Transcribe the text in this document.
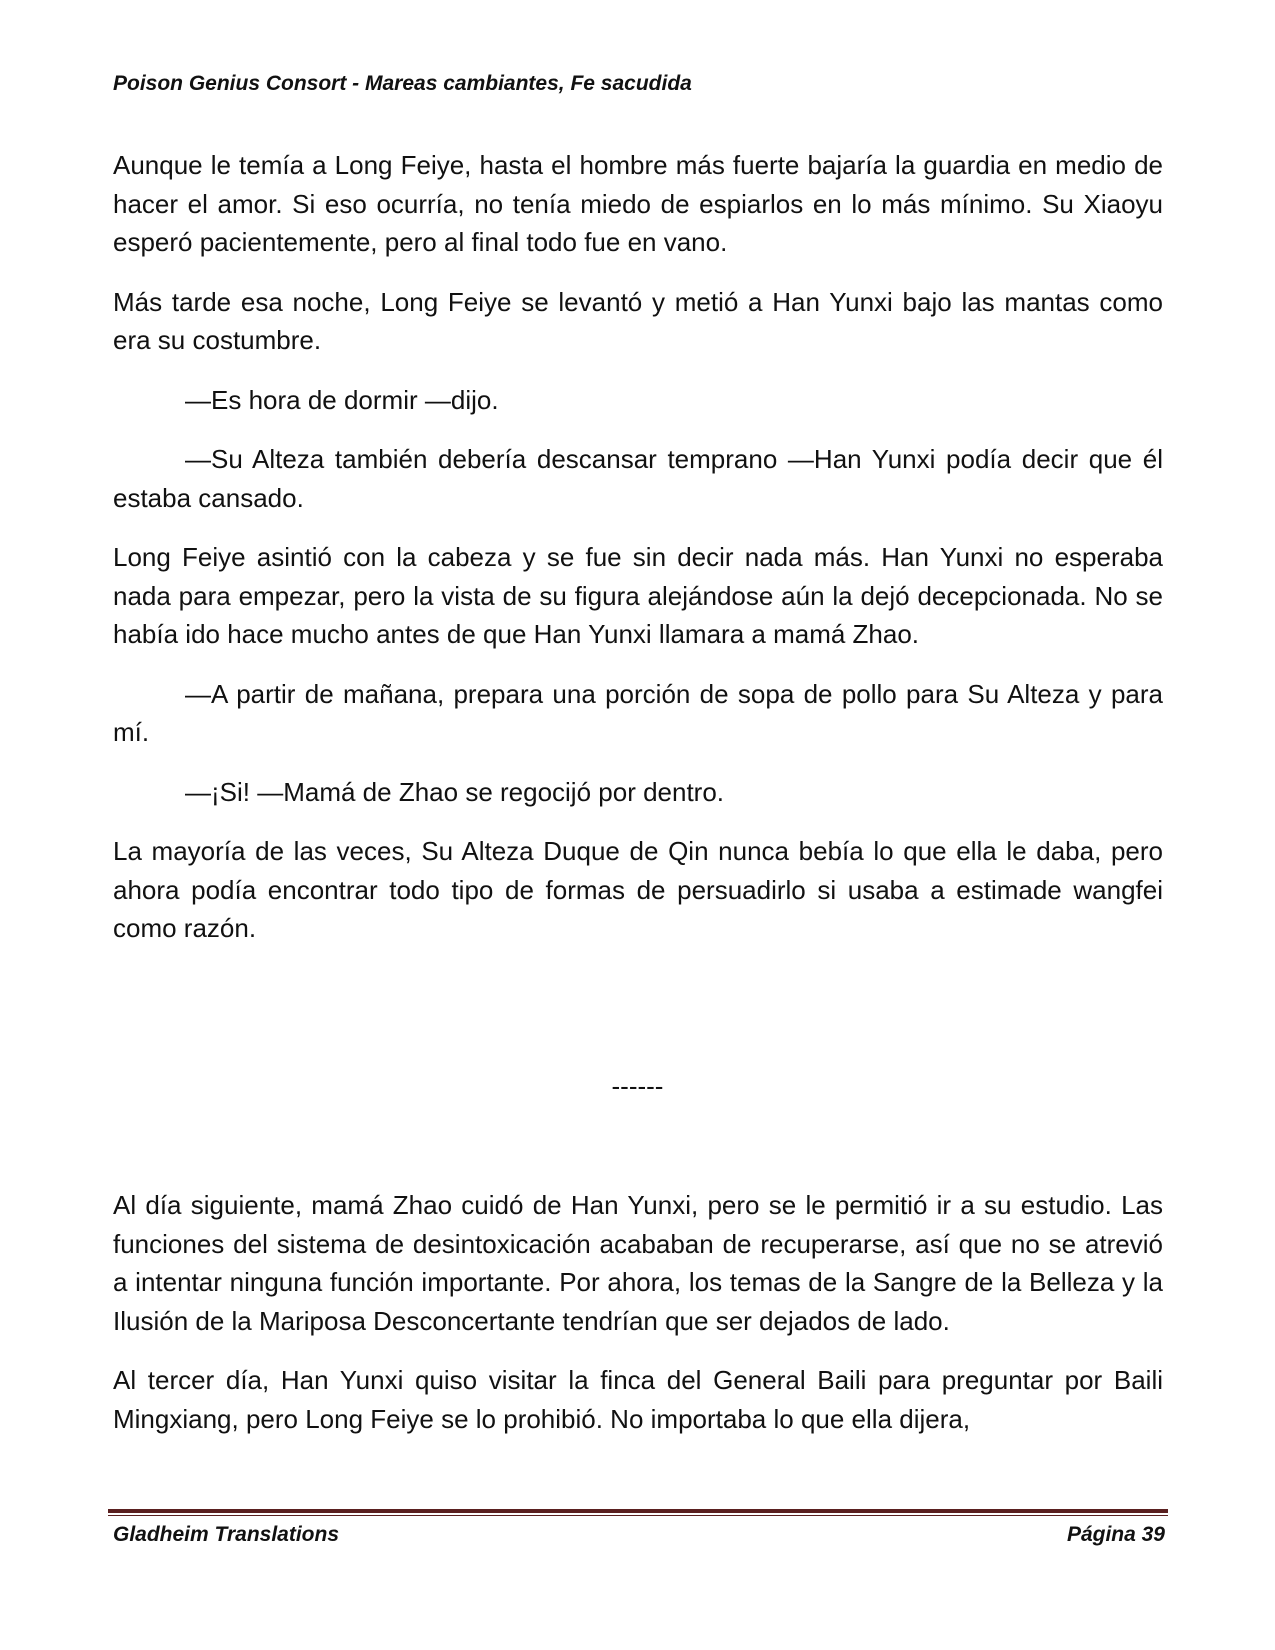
Poison Genius Consort - Mareas cambiantes, Fe sacudida

Aunque le temía a Long Feiye, hasta el hombre más fuerte bajaría la guardia en medio de hacer el amor. Si eso ocurría, no tenía miedo de espiarlos en lo más mínimo. Su Xiaoyu esperó pacientemente, pero al final todo fue en vano.

Más tarde esa noche, Long Feiye se levantó y metió a Han Yunxi bajo las mantas como era su costumbre.

—Es hora de dormir —dijo.

—Su Alteza también debería descansar temprano —Han Yunxi podía decir que él estaba cansado.

Long Feiye asintió con la cabeza y se fue sin decir nada más. Han Yunxi no esperaba nada para empezar, pero la vista de su figura alejándose aún la dejó decepcionada. No se había ido hace mucho antes de que Han Yunxi llamara a mamá Zhao.

—A partir de mañana, prepara una porción de sopa de pollo para Su Alteza y para mí.

—¡Si! —Mamá de Zhao se regocijó por dentro.

La mayoría de las veces, Su Alteza Duque de Qin nunca bebía lo que ella le daba, pero ahora podía encontrar todo tipo de formas de persuadirlo si usaba a estimade wangfei como razón.

------

Al día siguiente, mamá Zhao cuidó de Han Yunxi, pero se le permitió ir a su estudio. Las funciones del sistema de desintoxicación acababan de recuperarse, así que no se atrevió a intentar ninguna función importante. Por ahora, los temas de la Sangre de la Belleza y la Ilusión de la Mariposa Desconcertante tendrían que ser dejados de lado.

Al tercer día, Han Yunxi quiso visitar la finca del General Baili para preguntar por Baili Mingxiang, pero Long Feiye se lo prohibió. No importaba lo que ella dijera,

Gladheim Translations	Página 39
